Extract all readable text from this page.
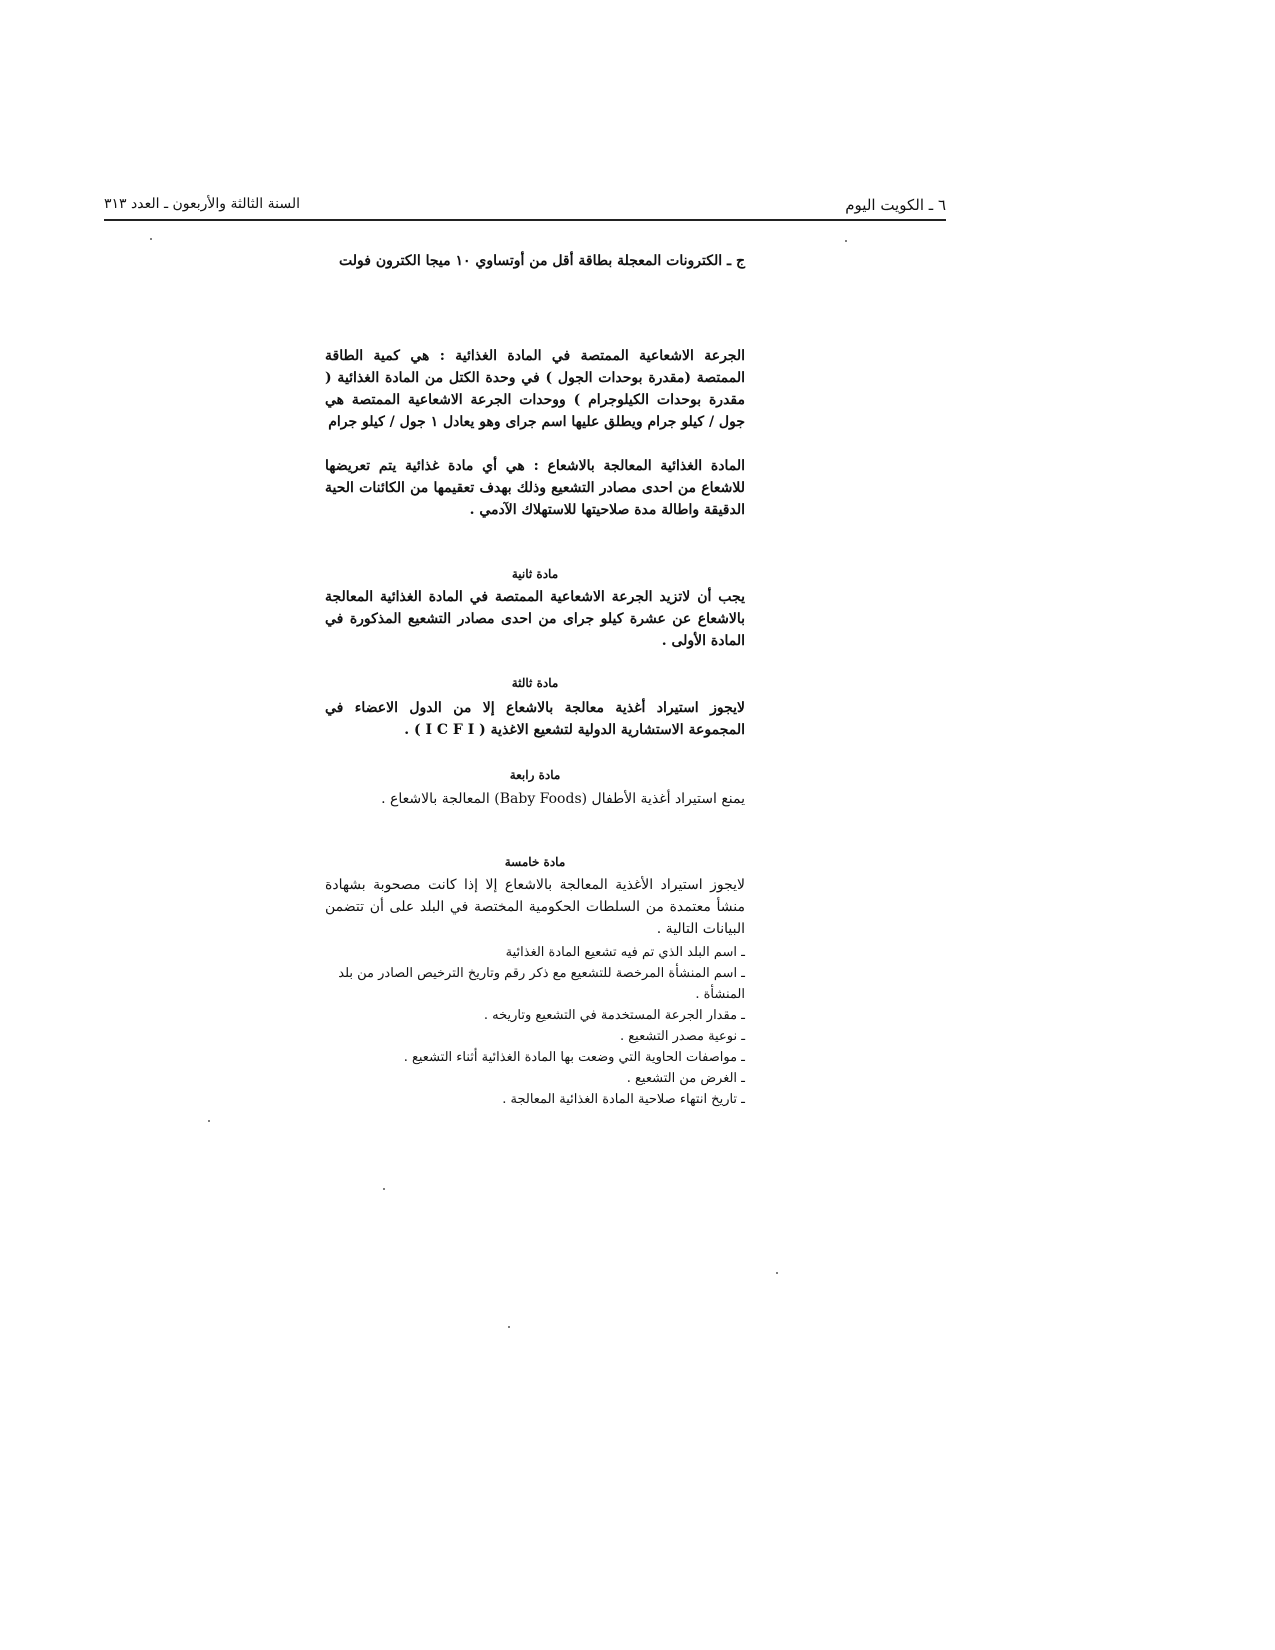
٦ ـ الكويت اليوم
السنة الثالثة والأربعون ـ العدد ٣١٣

ج ـ الكترونات المعجلة بطاقة أقل من أوتساوي ١٠ ميجا الكترون فولت

الجرعة الاشعاعية الممتصة في المادة الغذائية : هي كمية الطاقة الممتصة (مقدرة بوحدات الجول ) في وحدة الكتل من المادة الغذائية ( مقدرة بوحدات الكيلوجرام ) ووحدات الجرعة الاشعاعية الممتصة هي جول / كيلو جرام ويطلق عليها اسم جراى وهو يعادل ١ جول / كيلو جرام

المادة الغذائية المعالجة بالاشعاع : هي أي مادة غذائية يتم تعريضها للاشعاع من احدى مصادر التشعيع وذلك بهدف تعقيمها من الكائنات الحية الدقيقة واطالة مدة صلاحيتها للاستهلاك الآدمي .

مادة ثانية

يجب أن لاتزيد الجرعة الاشعاعية الممتصة في المادة الغذائية المعالجة بالاشعاع عن عشرة كيلو جراى من احدى مصادر التشعيع المذكورة في المادة الأولى .

مادة ثالثة

لايجوز استيراد أغذية معالجة بالاشعاع إلا من الدول الاعضاء في المجموعة الاستشارية الدولية لتشعيع الاغذية ( I C F I ) .

مادة رابعة

يمنع استيراد أغذية الأطفال (Baby Foods) المعالجة بالاشعاع .

مادة خامسة

لايجوز استيراد الأغذية المعالجة بالاشعاع إلا إذا كانت مصحوبة بشهادة منشأ معتمدة من السلطات الحكومية المختصة في البلد على أن تتضمن البيانات التالية .

ـ اسم البلد الذي تم فيه تشعيع المادة الغذائية
ـ اسم المنشأة المرخصة للتشعيع مع ذكر رقم وتاريخ الترخيص الصادر من بلد المنشأة .
ـ مقدار الجرعة المستخدمة في التشعيع وتاريخه .
ـ نوعية مصدر التشعيع .
ـ مواصفات الحاوية التي وضعت بها المادة الغذائية أثناء التشعيع .
ـ الغرض من التشعيع .
ـ تاريخ انتهاء صلاحية المادة الغذائية المعالجة .
